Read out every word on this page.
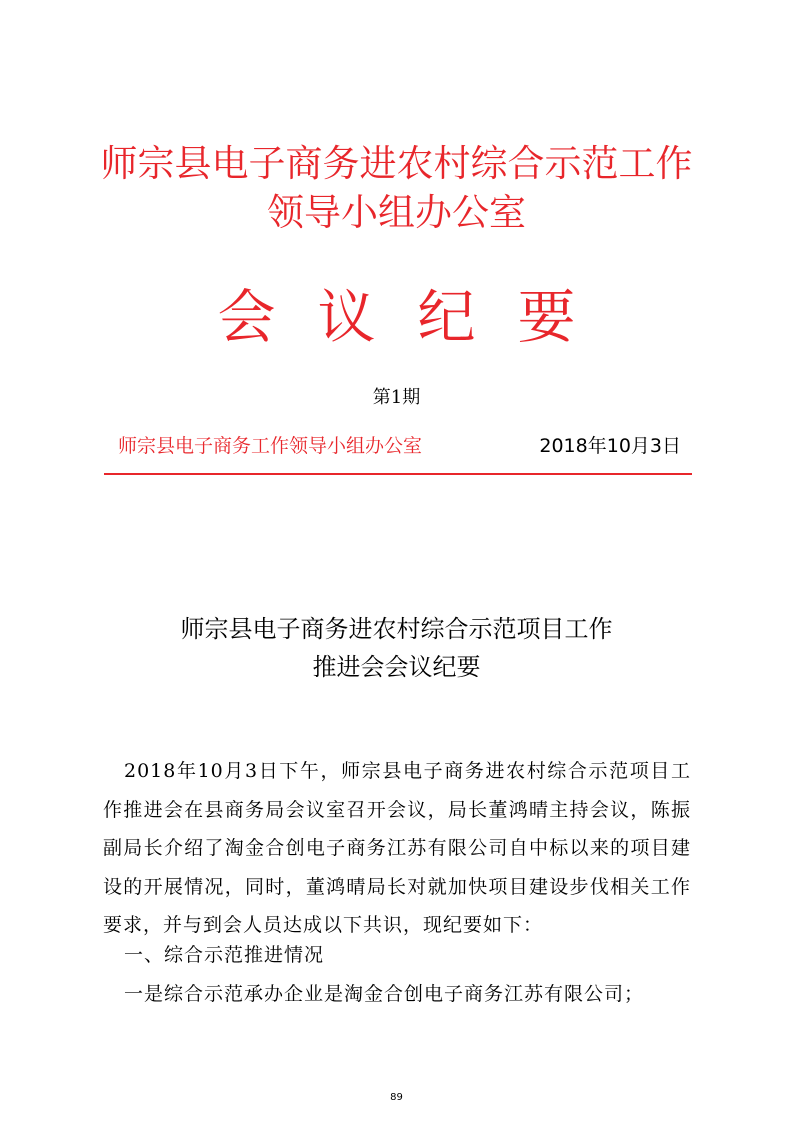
师宗县电子商务进农村综合示范工作
领导小组办公室
会议纪要
第1期
师宗县电子商务工作领导小组办公室	2018年10月3日
师宗县电子商务进农村综合示范项目工作
推进会会议纪要

2018年10月3日下午，师宗县电子商务进农村综合示范项目工作推进会在县商务局会议室召开会议，局长董鸿晴主持会议，陈振副局长介绍了淘金合创电子商务江苏有限公司自中标以来的项目建设的开展情况，同时，董鸿晴局长对就加快项目建设步伐相关工作要求，并与到会人员达成以下共识，现纪要如下：

一、综合示范推进情况
一是综合示范承办企业是淘金合创电子商务江苏有限公司；
89
